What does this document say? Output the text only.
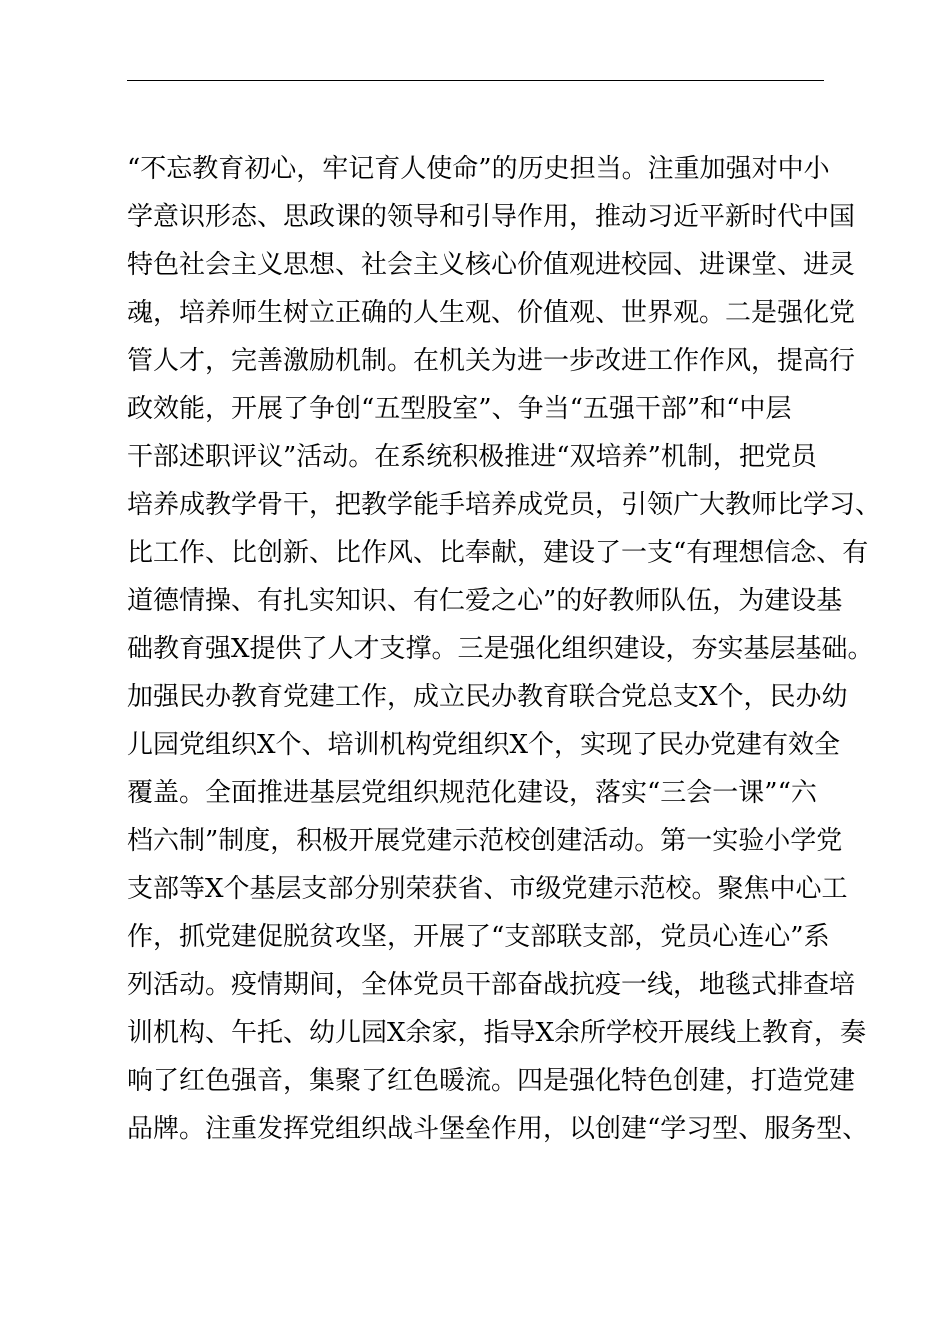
“不忘教育初心，牢记育人使命”的历史担当。注重加强对中小
学意识形态、思政课的领导和引导作用，推动习近平新时代中国
特色社会主义思想、社会主义核心价值观进校园、进课堂、进灵
魂，培养师生树立正确的人生观、价值观、世界观。二是强化党
管人才，完善激励机制。在机关为进一步改进工作作风，提高行
政效能，开展了争创“五型股室”、争当“五强干部”和“中层
干部述职评议”活动。在系统积极推进“双培养”机制，把党员
培养成教学骨干，把教学能手培养成党员，引领广大教师比学习、
比工作、比创新、比作风、比奉献，建设了一支“有理想信念、有
道德情操、有扎实知识、有仁爱之心”的好教师队伍，为建设基
础教育强X提供了人才支撑。三是强化组织建设，夯实基层基础。
加强民办教育党建工作，成立民办教育联合党总支X个，民办幼
儿园党组织X个、培训机构党组织X个，实现了民办党建有效全
覆盖。全面推进基层党组织规范化建设，落实“三会一课”“六
档六制”制度，积极开展党建示范校创建活动。第一实验小学党
支部等X个基层支部分别荣获省、市级党建示范校。聚焦中心工
作，抓党建促脱贫攻坚，开展了“支部联支部，党员心连心”系
列活动。疫情期间，全体党员干部奋战抗疫一线，地毯式排查培
训机构、午托、幼儿园X余家，指导X余所学校开展线上教育，奏
响了红色强音，集聚了红色暖流。四是强化特色创建，打造党建
品牌。注重发挥党组织战斗堡垒作用，以创建“学习型、服务型、
